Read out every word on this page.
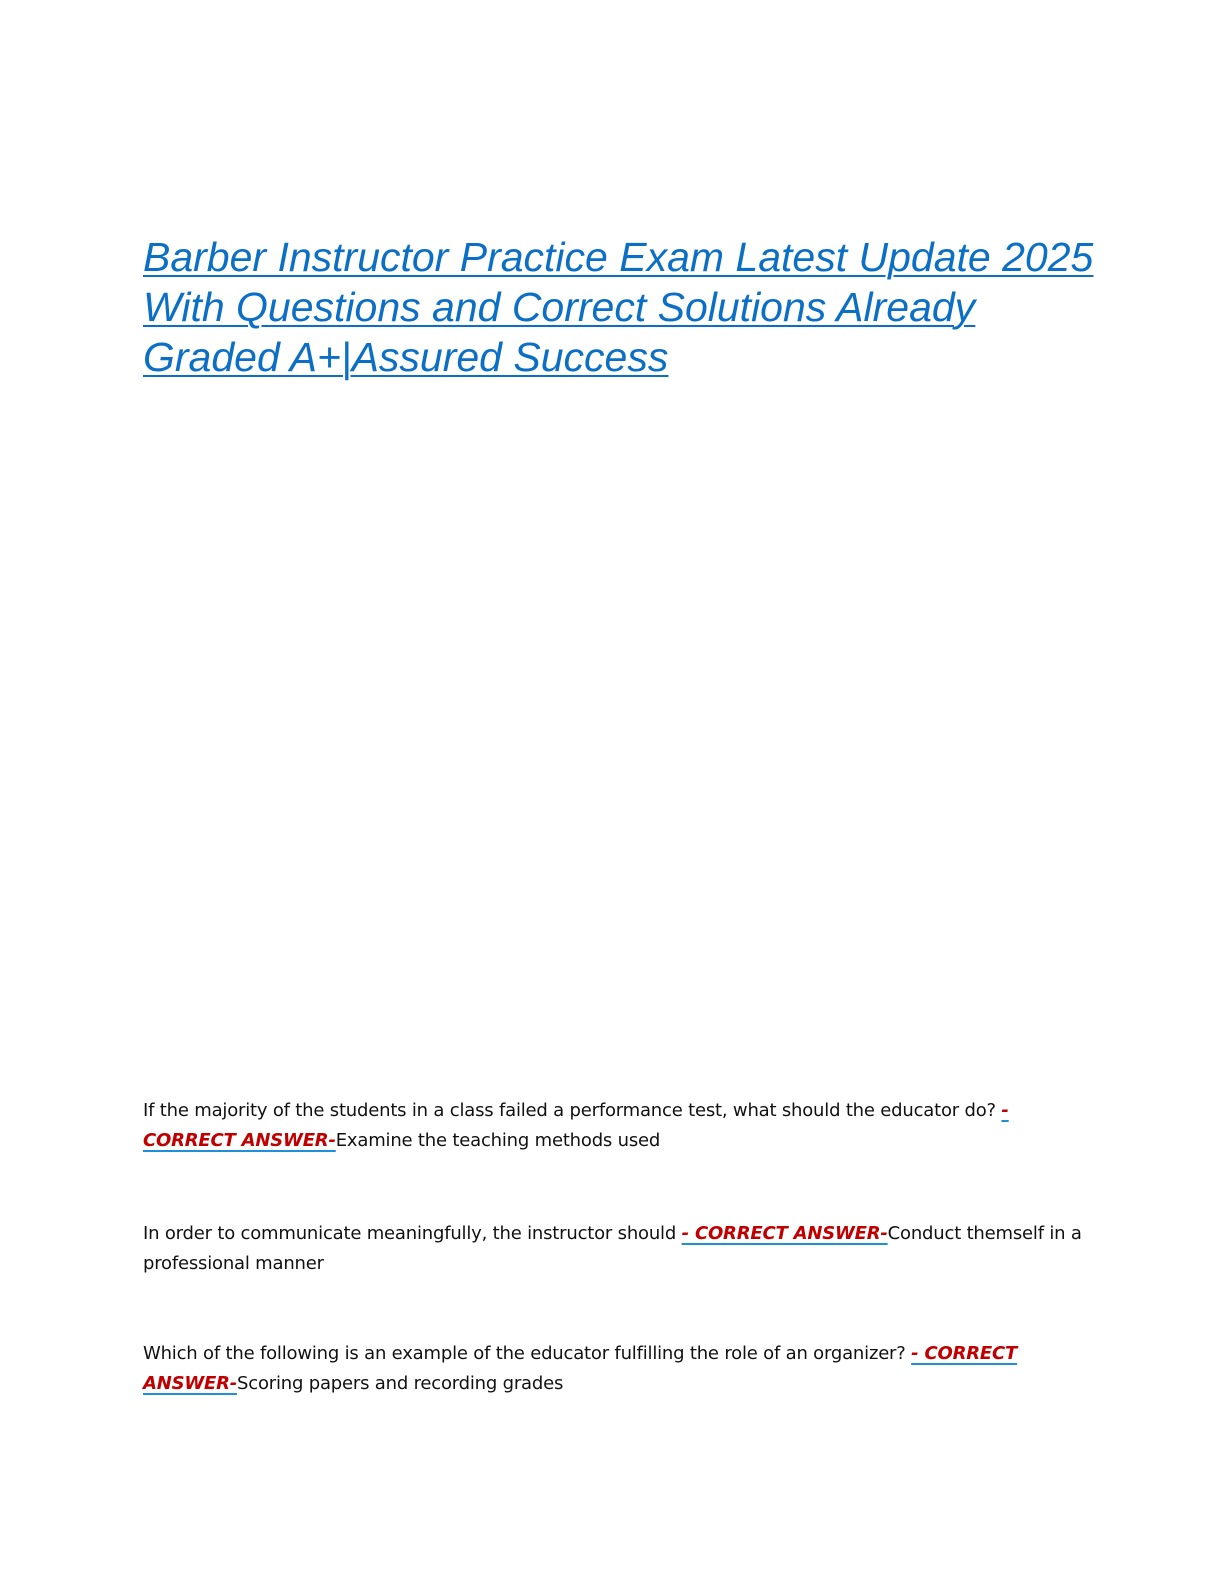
Barber Instructor Practice Exam Latest Update 2025 With Questions and Correct Solutions Already Graded A+|Assured Success

If the majority of the students in a class failed a performance test, what should the educator do? - CORRECT ANSWER-Examine the teaching methods used

In order to communicate meaningfully, the instructor should - CORRECT ANSWER-Conduct themself in a professional manner

Which of the following is an example of the educator fulfilling the role of an organizer? - CORRECT ANSWER-Scoring papers and recording grades
